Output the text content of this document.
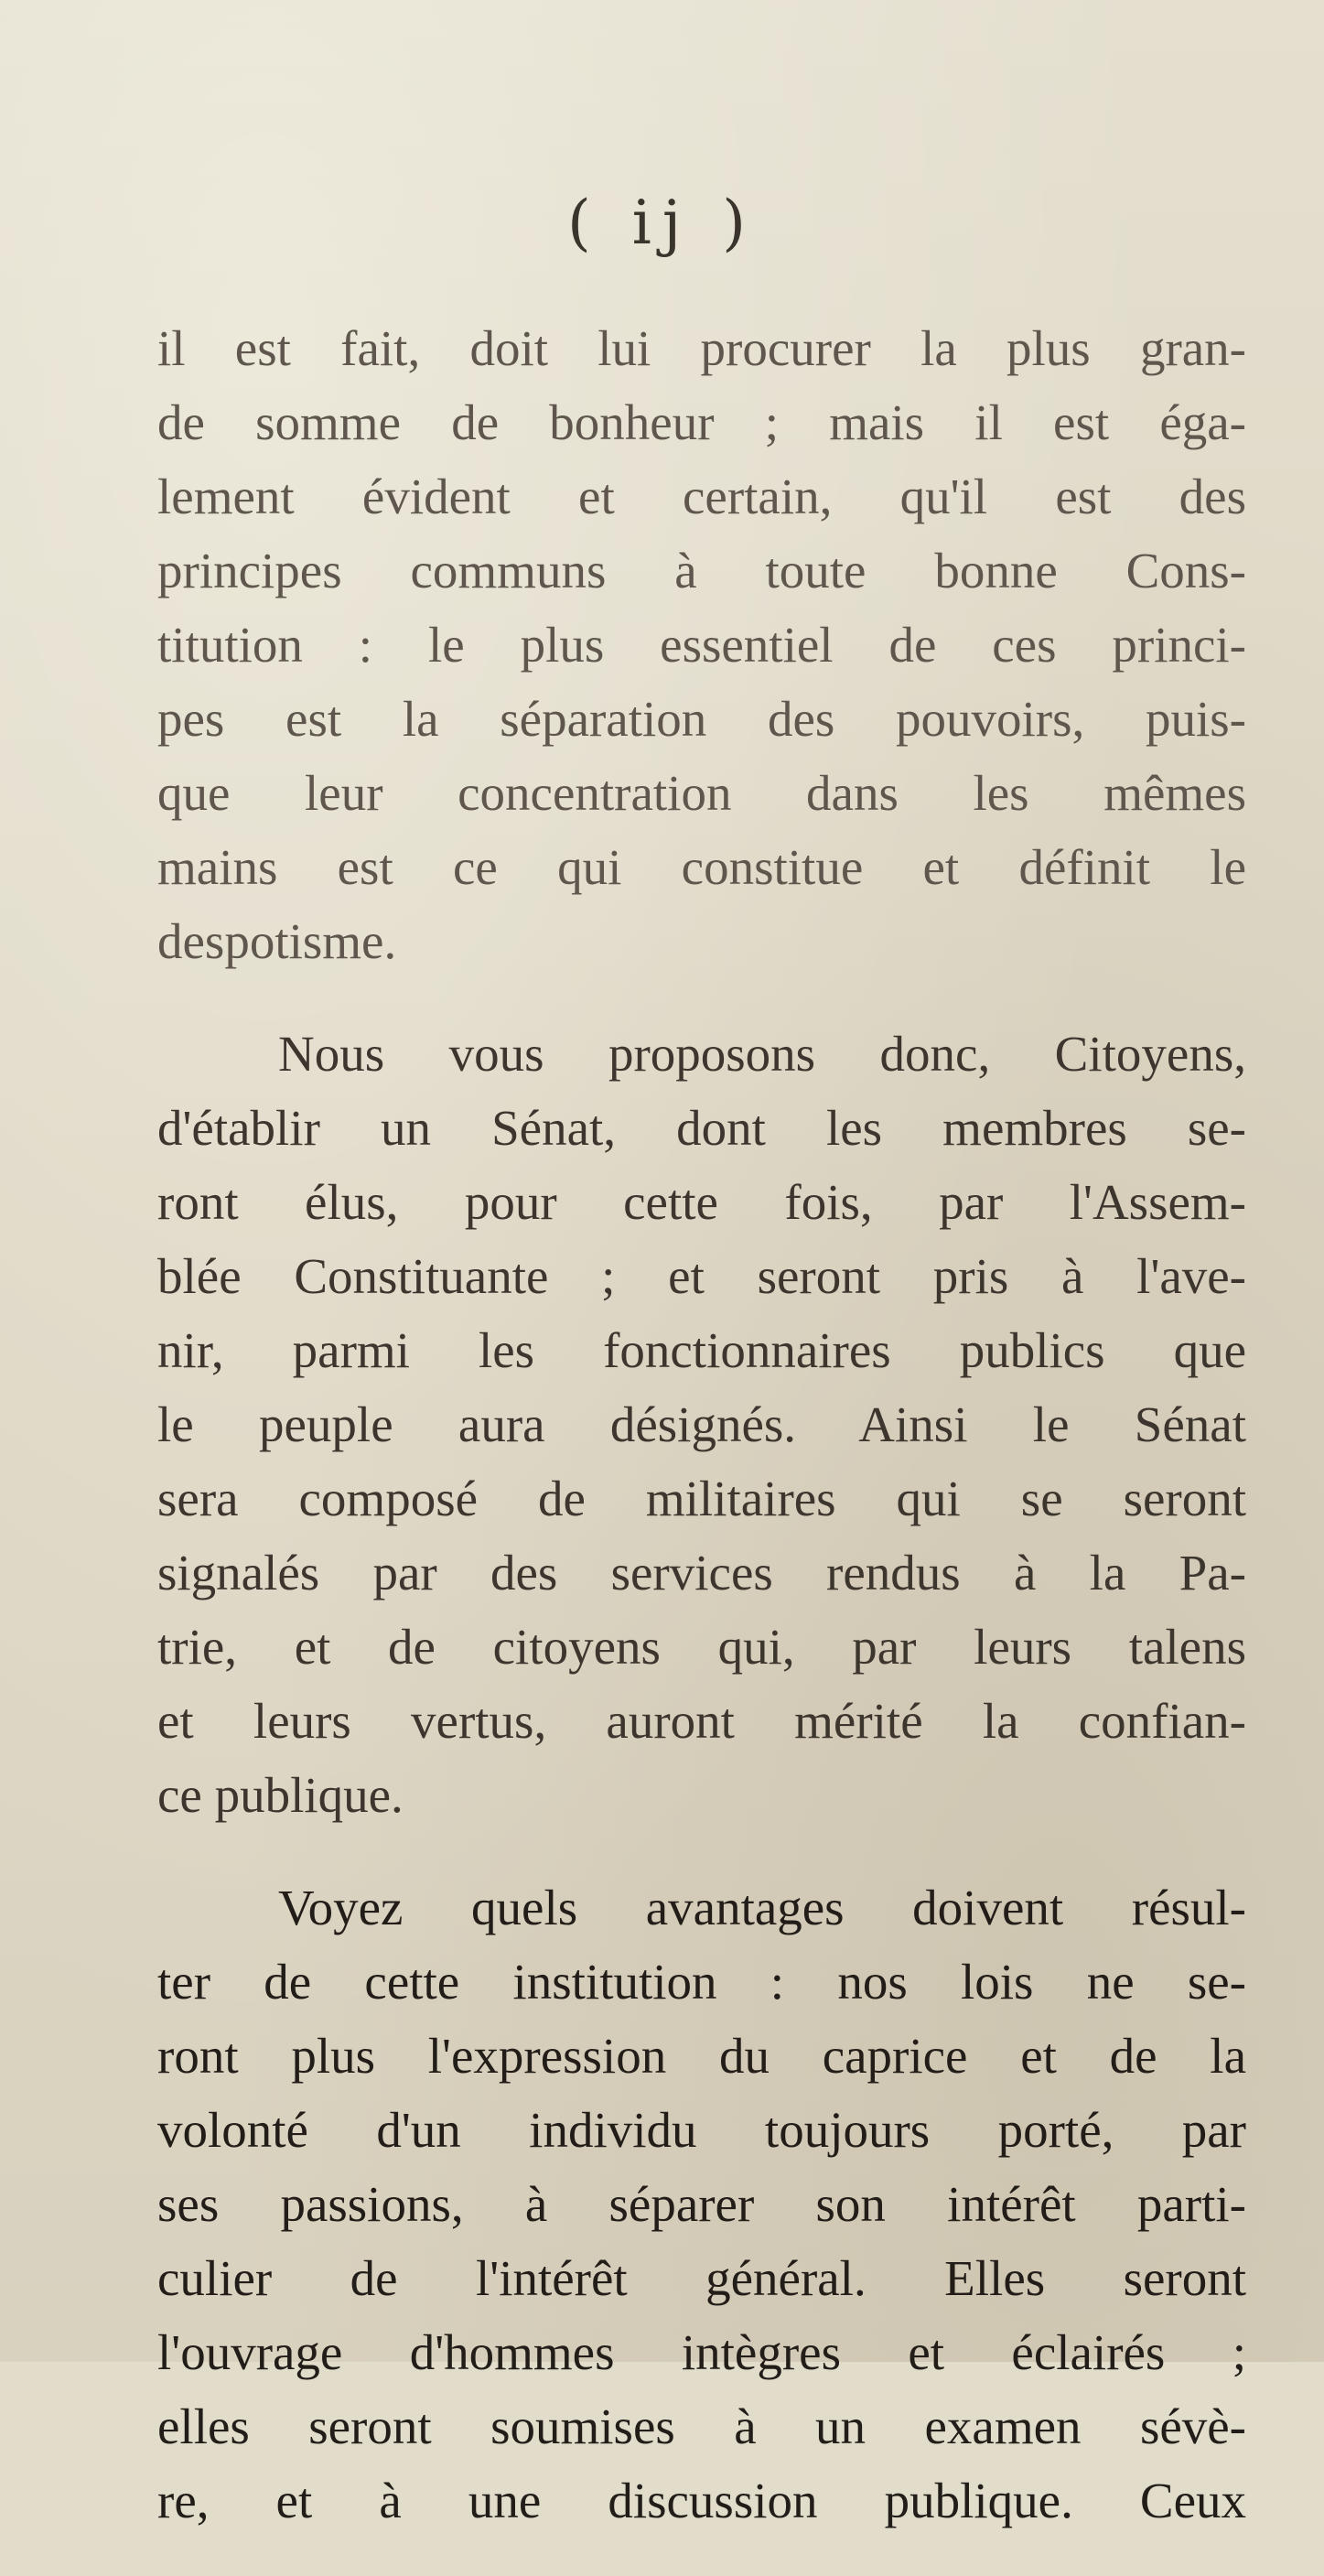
( ij )
il est fait, doit lui procurer la plus gran-
de somme de bonheur ; mais il est éga-
lement évident et certain, qu'il est des
principes communs à toute bonne Cons-
titution : le plus essentiel de ces princi-
pes est la séparation des pouvoirs, puis-
que leur concentration dans les mêmes
mains est ce qui constitue et définit le
despotisme.
Nous vous proposons donc, Citoyens,
d'établir un Sénat, dont les membres se-
ront élus, pour cette fois, par l'Assem-
blée Constituante ; et seront pris à l'ave-
nir, parmi les fonctionnaires publics que
le peuple aura désignés. Ainsi le Sénat
sera composé de militaires qui se seront
signalés par des services rendus à la Pa-
trie, et de citoyens qui, par leurs talens
et leurs vertus, auront mérité la confian-
ce publique.
Voyez quels avantages doivent résul-
ter de cette institution : nos lois ne se-
ront plus l'expression du caprice et de la
volonté d'un individu toujours porté, par
ses passions, à séparer son intérêt parti-
culier de l'intérêt général. Elles seront
l'ouvrage d'hommes intègres et éclairés ;
elles seront soumises à un examen sévè-
re, et à une discussion publique. Ceux
